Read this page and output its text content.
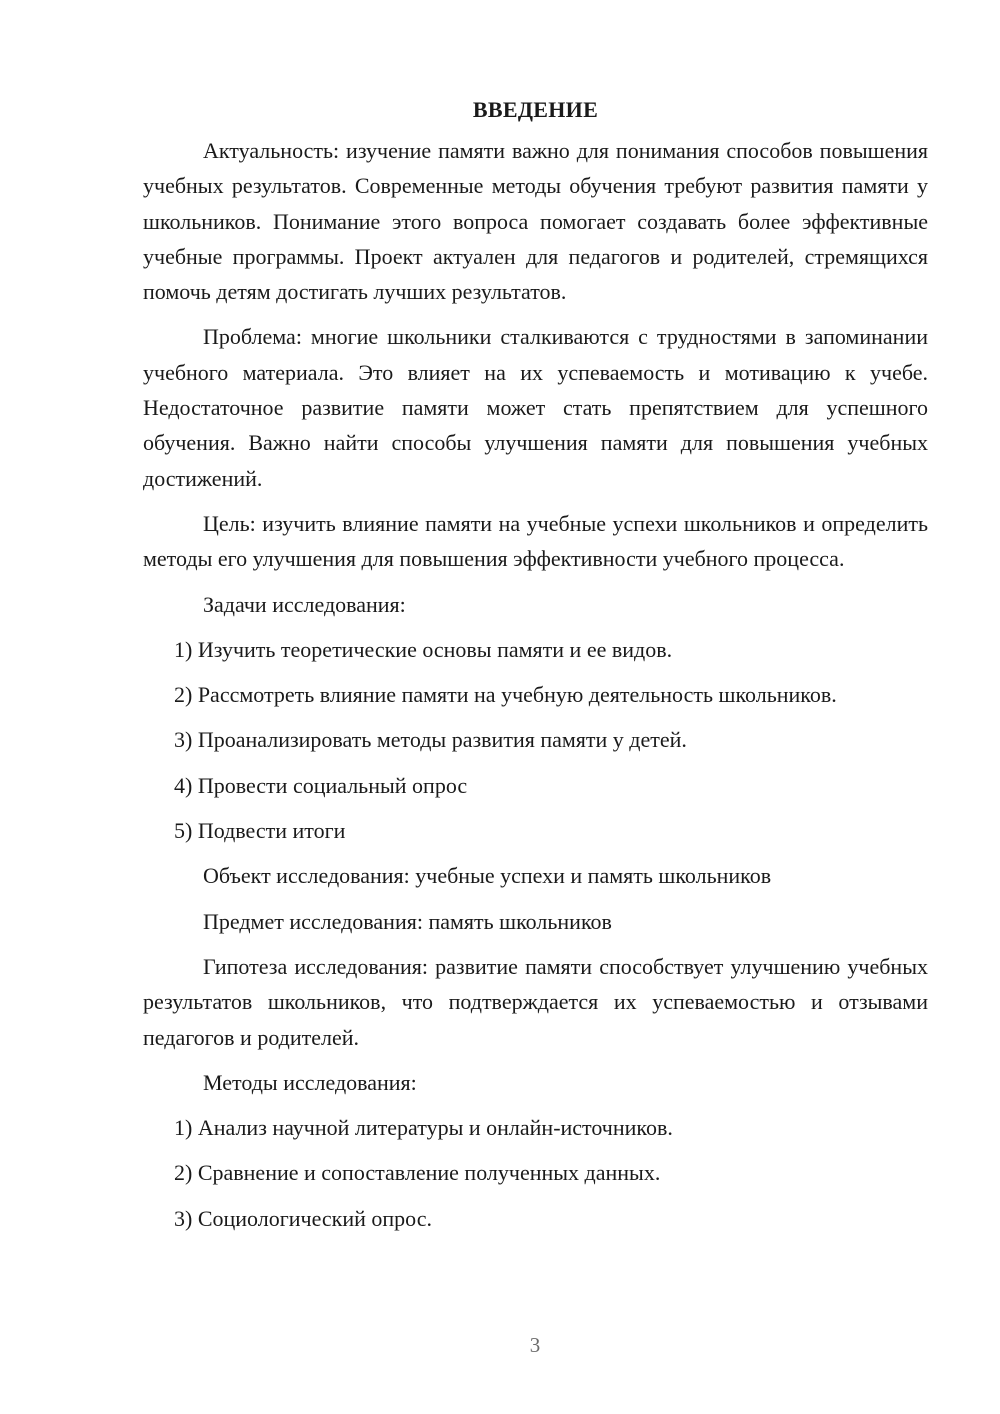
ВВЕДЕНИЕ

Актуальность: изучение памяти важно для понимания способов повышения учебных результатов. Современные методы обучения требуют развития памяти у школьников. Понимание этого вопроса помогает создавать более эффективные учебные программы. Проект актуален для педагогов и родителей, стремящихся помочь детям достигать лучших результатов.

Проблема: многие школьники сталкиваются с трудностями в запоминании учебного материала. Это влияет на их успеваемость и мотивацию к учебе. Недостаточное развитие памяти может стать препятствием для успешного обучения. Важно найти способы улучшения памяти для повышения учебных достижений.

Цель: изучить влияние памяти на учебные успехи школьников и определить методы его улучшения для повышения эффективности учебного процесса.

Задачи исследования:

1) Изучить теоретические основы памяти и ее видов.

2) Рассмотреть влияние памяти на учебную деятельность школьников.

3) Проанализировать методы развития памяти у детей.

4) Провести социальный опрос

5) Подвести итоги

Объект исследования: учебные успехи и память школьников

Предмет исследования: память школьников

Гипотеза исследования: развитие памяти способствует улучшению учебных результатов школьников, что подтверждается их успеваемостью и отзывами педагогов и родителей.

Методы исследования:

1) Анализ научной литературы и онлайн-источников.

2) Сравнение и сопоставление полученных данных.

3) Социологический опрос.

3
